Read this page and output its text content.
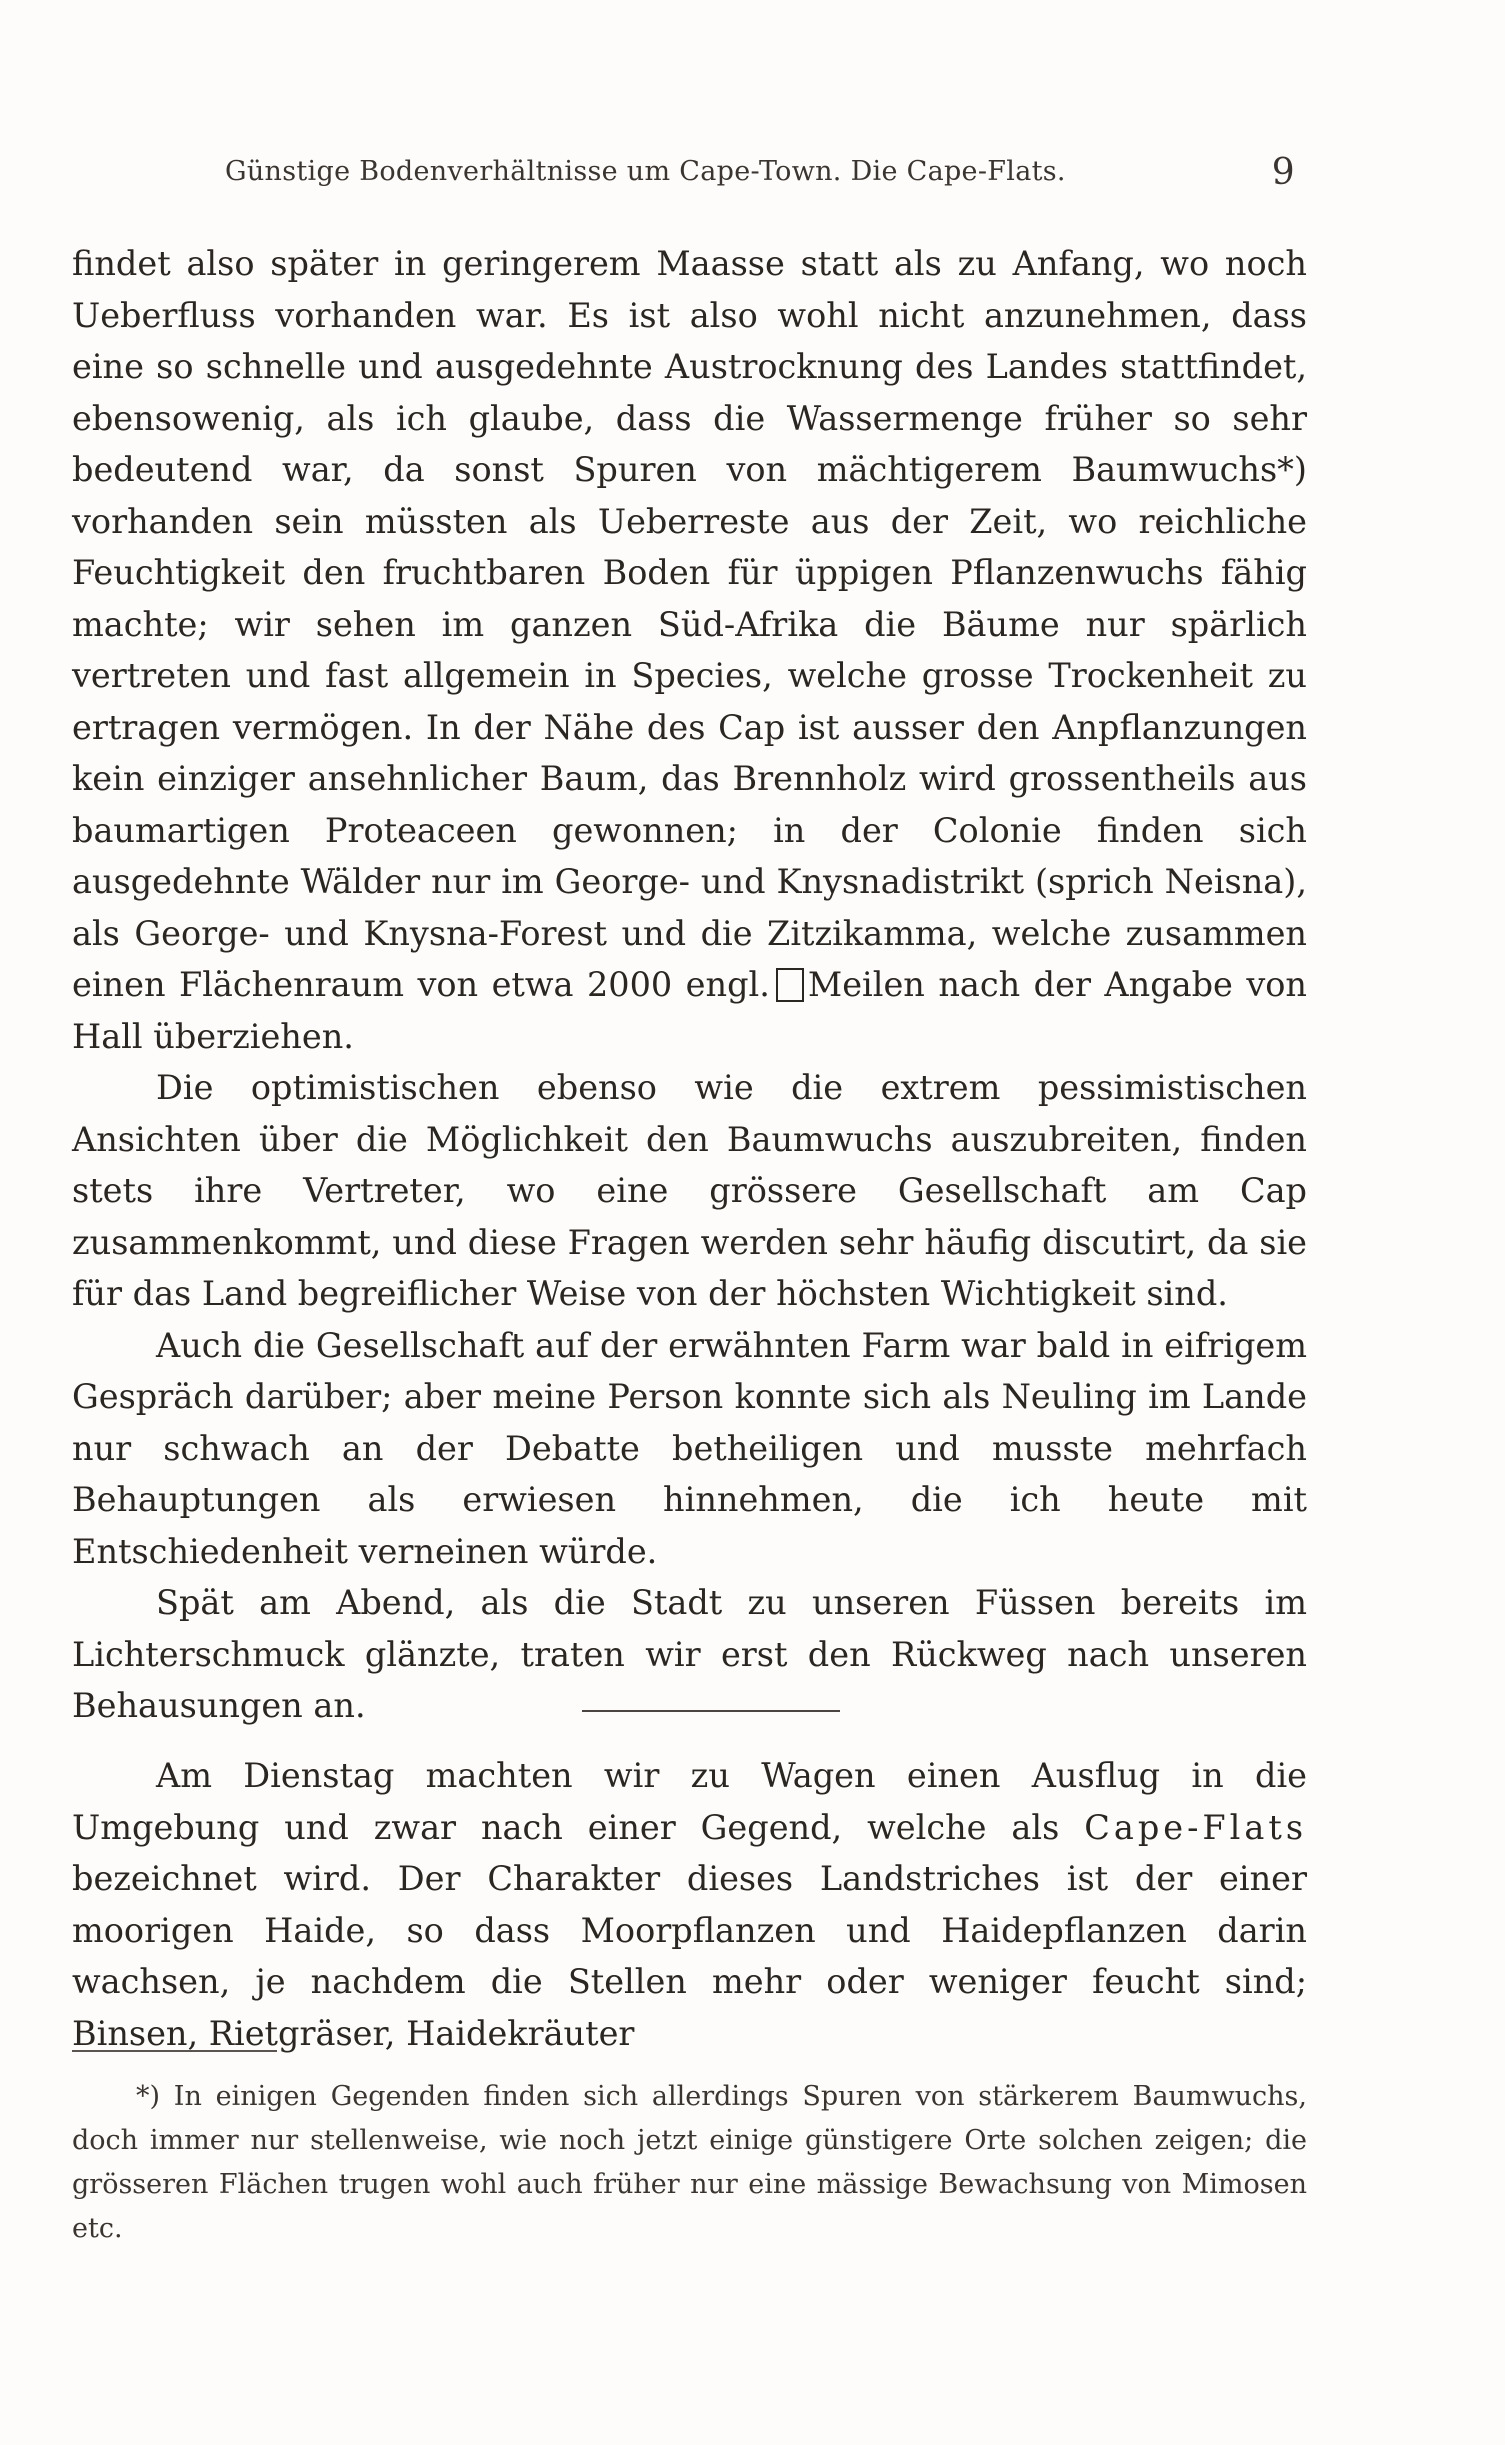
Günstige Bodenverhältnisse um Cape-Town. Die Cape-Flats.	9

findet also später in geringerem Maasse statt als zu Anfang, wo noch Ueberfluss vorhanden war. Es ist also wohl nicht anzunehmen, dass eine so schnelle und ausgedehnte Austrocknung des Landes stattfindet, ebensowenig, als ich glaube, dass die Wassermenge früher so sehr bedeutend war, da sonst Spuren von mächtigerem Baumwuchs*) vorhanden sein müssten als Ueberreste aus der Zeit, wo reichliche Feuchtigkeit den fruchtbaren Boden für üppigen Pflanzenwuchs fähig machte; wir sehen im ganzen Süd-Afrika die Bäume nur spärlich vertreten und fast allgemein in Species, welche grosse Trockenheit zu ertragen vermögen. In der Nähe des Cap ist ausser den Anpflanzungen kein einziger ansehnlicher Baum, das Brennholz wird grossentheils aus baumartigen Proteaceen gewonnen; in der Colonie finden sich ausgedehnte Wälder nur im George- und Knysnadistrikt (sprich Neisna), als George- und Knysna-Forest und die Zitzikamma, welche zusammen einen Flächenraum von etwa 2000 engl. Meilen nach der Angabe von Hall überziehen.

Die optimistischen ebenso wie die extrem pessimistischen Ansichten über die Möglichkeit den Baumwuchs auszubreiten, finden stets ihre Vertreter, wo eine grössere Gesellschaft am Cap zusammenkommt, und diese Fragen werden sehr häufig discutirt, da sie für das Land begreiflicher Weise von der höchsten Wichtigkeit sind.

Auch die Gesellschaft auf der erwähnten Farm war bald in eifrigem Gespräch darüber; aber meine Person konnte sich als Neuling im Lande nur schwach an der Debatte betheiligen und musste mehrfach Behauptungen als erwiesen hinnehmen, die ich heute mit Entschiedenheit verneinen würde.

Spät am Abend, als die Stadt zu unseren Füssen bereits im Lichterschmuck glänzte, traten wir erst den Rückweg nach unseren Behausungen an.

Am Dienstag machten wir zu Wagen einen Ausflug in die Umgebung und zwar nach einer Gegend, welche als Cape-Flats bezeichnet wird. Der Charakter dieses Landstriches ist der einer moorigen Haide, so dass Moorpflanzen und Haidepflanzen darin wachsen, je nachdem die Stellen mehr oder weniger feucht sind; Binsen, Rietgräser, Haidekräuter

*) In einigen Gegenden finden sich allerdings Spuren von stärkerem Baumwuchs, doch immer nur stellenweise, wie noch jetzt einige günstigere Orte solchen zeigen; die grösseren Flächen trugen wohl auch früher nur eine mässige Bewachsung von Mimosen etc.
